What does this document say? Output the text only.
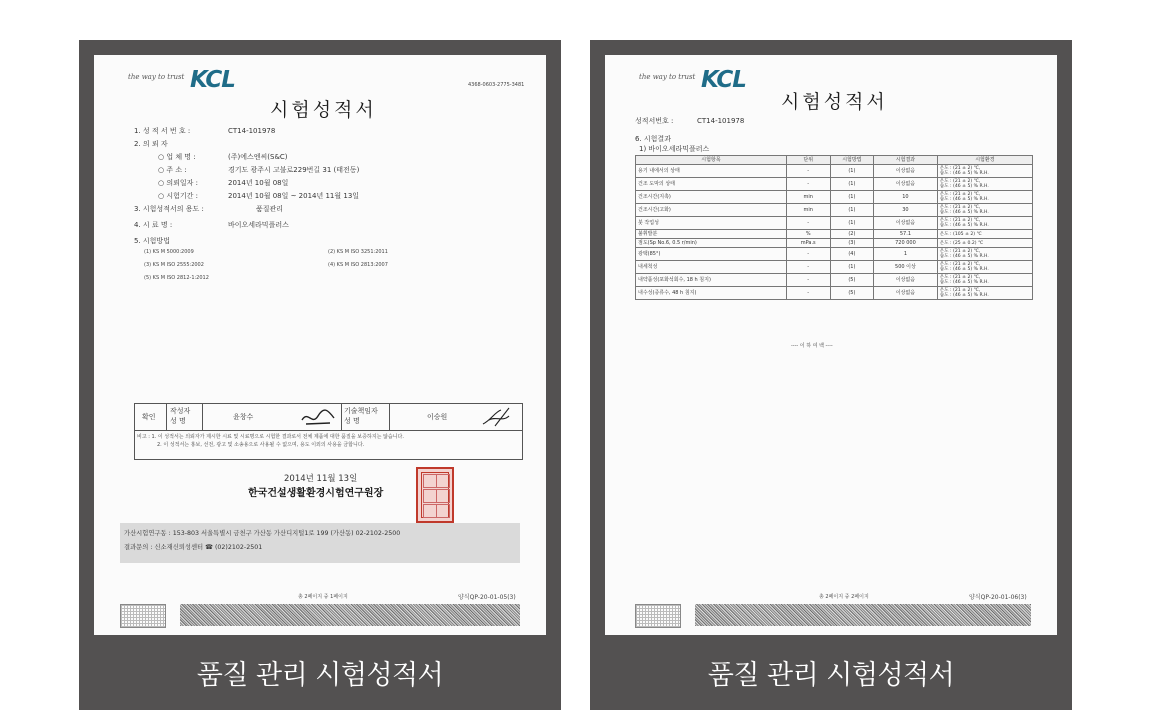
the way to trust KCL	4368-0603-2775-3481
시험성적서
1. 성 적 서 번 호 :	CT14-101978
2. 의 뢰 자
○ 업 체 명 :	(주)에스엔씨(S&C)
○ 주 소 :	경기도 광주시 고불로229번길 31 (태전동)
○ 의뢰일자 :	2014년 10월 08일
○ 시험기간 :	2014년 10월 08일 ~ 2014년 11월 13일
3. 시험성적서의 용도 :	품질관리
4. 시 료 명 :	바이오세라믹플러스
5. 시험방법
(1) KS M 5000:2009	(2) KS M ISO 3251:2011
(3) KS M ISO 2555:2002	(4) KS M ISO 2813:2007
(5) KS M ISO 2812-1:2012
확인
작성자
성 명	윤창수
기술책임자
성 명	이승원
비고 : 1. 이 성적서는 의뢰자가 제시한 시료 및 시료명으로 시험한 결과로서 전체 제품에 대한 품질을 보증하지는 않습니다.
2. 이 성적서는 홍보, 선전, 광고 및 소송용으로 사용될 수 없으며, 용도 이외의 사용을 금합니다.
2014년 11월 13일
한국건설생활환경시험연구원장
가산시험연구동 : 153-803 서울특별시 금천구 가산동 가산디지털1로 199 (가산동) 02-2102-2500
결과문의 : 신소재신뢰성센터 ☎ (02)2102-2501
총 2페이지 중 1페이지	양식QP-20-01-05(3)
품질 관리 시험성적서
the way to trust KCL
시험성적서
성적서번호 :	CT14-101978
6. 시험결과
1) 바이오세라믹플러스
시험항목	단위	시험방법	시험결과	시험환경
용기 내에서의 상태	-	(1)	이상없음	온도 : (21 ± 2) ℃,
습도 : (46 ± 5) % R.H.

건조 도막의 상태	-	(1)	이상없음	온도 : (21 ± 2) ℃,
습도 : (46 ± 5) % R.H.

건조시간(지촉)	min	(1)	10	온도 : (21 ± 2) ℃,
습도 : (46 ± 5) % R.H.

건조시간(고화)	min	(1)	30	온도 : (21 ± 2) ℃,
습도 : (46 ± 5) % R.H.

붓 작업성	-	(1)	이상없음	온도 : (21 ± 2) ℃,
습도 : (46 ± 5) % R.H.

불휘발분	%	(2)	57.1	온도 : (105 ± 2) ℃

점도(Sp No.6, 0.5 r/min)	mPa.s	(3)	720 000	온도 : (25 ± 0.2) ℃

광택(85°)	-	(4)	1	온도 : (21 ± 2) ℃,
습도 : (46 ± 5) % R.H.

내세척성	-	(1)	500 이상	온도 : (21 ± 2) ℃,
습도 : (46 ± 5) % R.H.

내약품성(포화석회수, 18 h 침지)	-	(5)	이상없음	온도 : (21 ± 2) ℃,
습도 : (46 ± 5) % R.H.

내수성(증류수, 48 h 침지)	-	(5)	이상없음	온도 : (21 ± 2) ℃,
습도 : (46 ± 5) % R.H.
---- 이 하 여 백 ----
총 2페이지 중 2페이지	양식QP-20-01-06(3)
품질 관리 시험성적서
